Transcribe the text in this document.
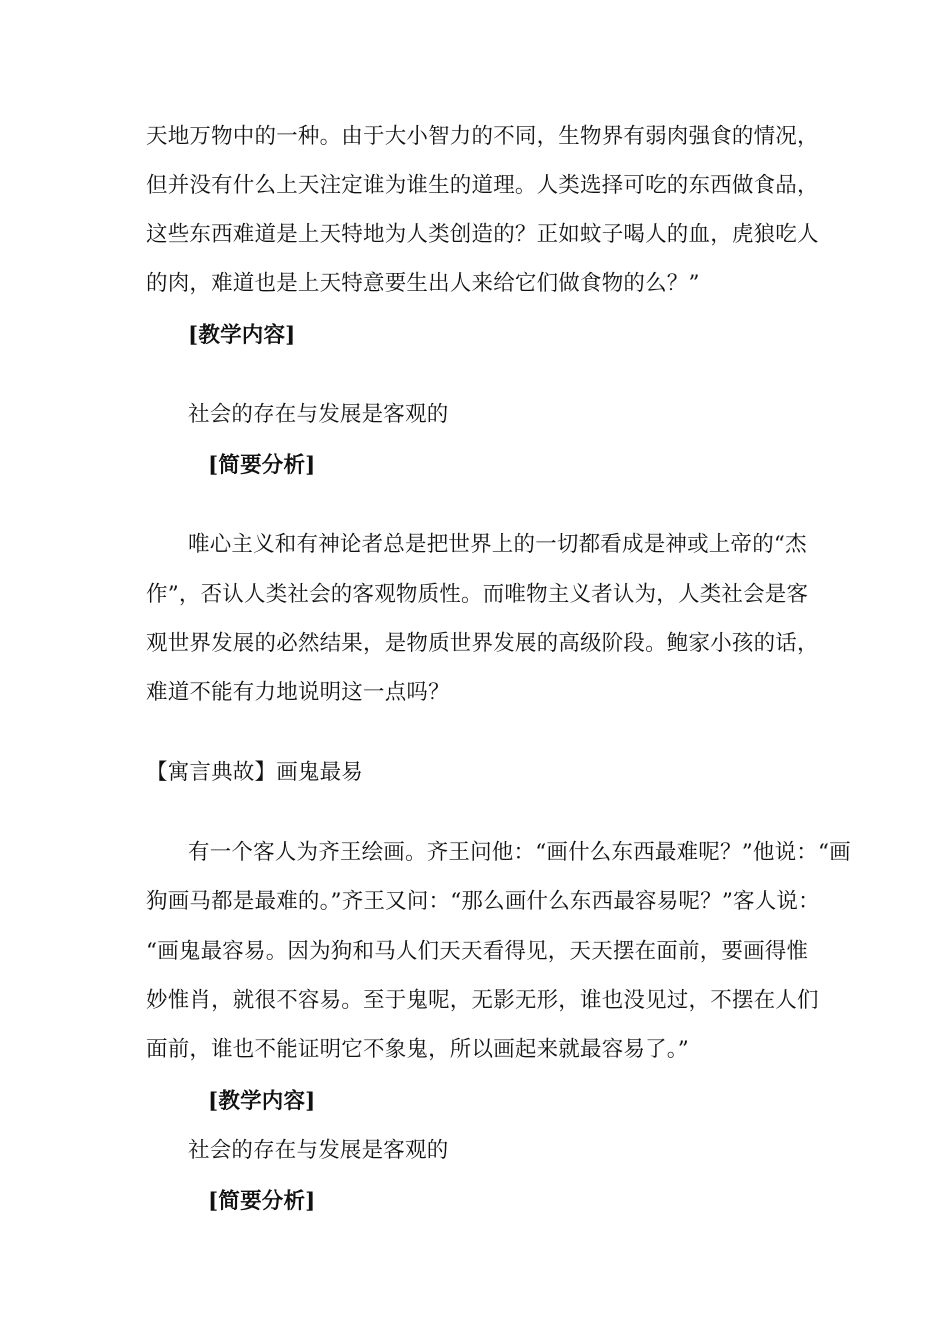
天地万物中的一种。由于大小智力的不同，生物界有弱肉强食的情况，
但并没有什么上天注定谁为谁生的道理。人类选择可吃的东西做食品，
这些东西难道是上天特地为人类创造的？正如蚊子喝人的血，虎狼吃人
的肉，难道也是上天特意要生出人来给它们做食物的么？”
[教学内容]
社会的存在与发展是客观的
[简要分析]
唯心主义和有神论者总是把世界上的一切都看成是神或上帝的“杰
作”，否认人类社会的客观物质性。而唯物主义者认为，人类社会是客
观世界发展的必然结果，是物质世界发展的高级阶段。鲍家小孩的话，
难道不能有力地说明这一点吗？
【寓言典故】画鬼最易
有一个客人为齐王绘画。齐王问他：“画什么东西最难呢？”他说：“画
狗画马都是最难的。”齐王又问：“那么画什么东西最容易呢？”客人说：
“画鬼最容易。因为狗和马人们天天看得见，天天摆在面前，要画得惟
妙惟肖，就很不容易。至于鬼呢，无影无形，谁也没见过，不摆在人们
面前，谁也不能证明它不象鬼，所以画起来就最容易了。”
[教学内容]
社会的存在与发展是客观的
[简要分析]
